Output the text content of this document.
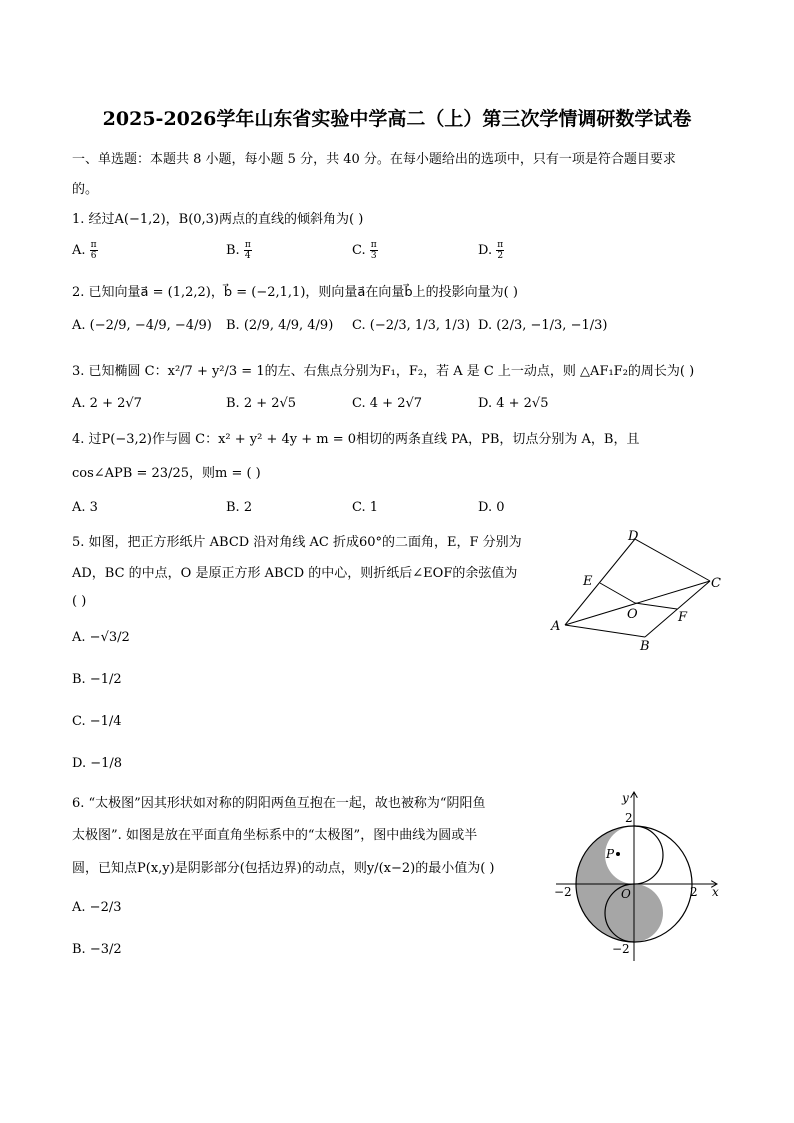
2025-2026学年山东省实验中学高二（上）第三次学情调研数学试卷
一、单选题：本题共 8 小题，每小题 5 分，共 40 分。在每小题给出的选项中，只有一项是符合题目要求
的。
1. 经过A(−1,2)，B(0,3)两点的直线的倾斜角为( )
A. $\frac{\pi}{6}$	B. $\frac{\pi}{4}$	C. $\frac{\pi}{3}$	D. $\frac{\pi}{2}$
2. 已知向量a⃗ = (1,2,2)，b⃗ = (−2,1,1)，则向量a⃗在向量b⃗上的投影向量为( )
A. (−2/9, −4/9, −4/9) B. (2/9, 4/9, 4/9) C. (−2/3, 1/3, 1/3) D. (2/3, −1/3, −1/3)
3. 已知椭圆 C：x²/7 + y²/3 = 1的左、右焦点分别为F₁，F₂，若 A 是 C 上一动点，则 △AF₁F₂的周长为( )
A. 2 + 2√7	B. 2 + 2√5	C. 4 + 2√7	D. 4 + 2√5
4. 过P(−3,2)作与圆 C：x² + y² + 4y + m = 0相切的两条直线 PA，PB，切点分别为 A，B，且
cos∠APB = 23/25，则m = ( )
A. 3	B. 2	C. 1	D. 0
5. 如图，把正方形纸片 ABCD 沿对角线 AC 折成60°的二面角，E，F 分别为
AD，BC 的中点，O 是原正方形 ABCD 的中心，则折纸后∠EOF的余弦值为
( )
A. −√3/2
B. −1/2
C. −1/4
D. −1/8
D
E	C
O	F
A
B
6. “太极图”因其形状如对称的阴阳两鱼互抱在一起，故也被称为“阴阳鱼
太极图”. 如图是放在平面直角坐标系中的“太极图”，图中曲线为圆或半
圆，已知点P(x,y)是阴影部分(包括边界)的动点，则y/(x−2)的最小值为( )
A. −2/3
B. −3/2
y
2
P
−2	2 x
O
−2
